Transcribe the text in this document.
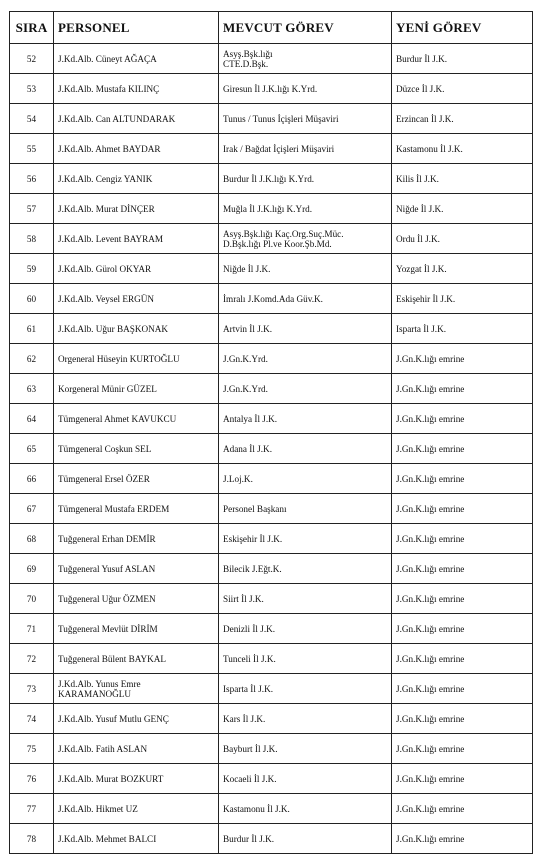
SIRA	PERSONEL	MEVCUT GÖREV	YENİ GÖREV
52	J.Kd.Alb. Cüneyt AĞAÇA	Asyş.Bşk.lığı
CTE.D.Bşk.	Burdur İl J.K.
53	J.Kd.Alb. Mustafa KILINÇ	Giresun İl J.K.lığı K.Yrd.	Düzce İl J.K.
54	J.Kd.Alb. Can ALTUNDARAK	Tunus / Tunus İçişleri Müşaviri	Erzincan İl J.K.
55	J.Kd.Alb. Ahmet BAYDAR	Irak / Bağdat İçişleri Müşaviri	Kastamonu İl J.K.
56	J.Kd.Alb. Cengiz YANIK	Burdur İl J.K.lığı K.Yrd.	Kilis İl J.K.
57	J.Kd.Alb. Murat DİNÇER	Muğla İl J.K.lığı K.Yrd.	Niğde İl J.K.
58	J.Kd.Alb. Levent BAYRAM	Asyş.Bşk.lığı Kaç.Org.Suç.Müc.
D.Bşk.lığı Pl.ve Koor.Şb.Md.	Ordu İl J.K.
59	J.Kd.Alb. Gürol OKYAR	Niğde İl J.K.	Yozgat İl J.K.
60	J.Kd.Alb. Veysel ERGÜN	İmralı J.Komd.Ada Güv.K.	Eskişehir İl J.K.
61	J.Kd.Alb. Uğur BAŞKONAK	Artvin İl J.K.	Isparta İl J.K.
62	Orgeneral Hüseyin KURTOĞLU	J.Gn.K.Yrd.	J.Gn.K.lığı emrine
63	Korgeneral Münir GÜZEL	J.Gn.K.Yrd.	J.Gn.K.lığı emrine
64	Tümgeneral Ahmet KAVUKCU	Antalya İl J.K.	J.Gn.K.lığı emrine
65	Tümgeneral Coşkun SEL	Adana İl J.K.	J.Gn.K.lığı emrine
66	Tümgeneral Ersel ÖZER	J.Loj.K.	J.Gn.K.lığı emrine
67	Tümgeneral Mustafa ERDEM	Personel Başkanı	J.Gn.K.lığı emrine
68	Tuğgeneral Erhan DEMİR	Eskişehir İl J.K.	J.Gn.K.lığı emrine
69	Tuğgeneral Yusuf ASLAN	Bilecik J.Eğt.K.	J.Gn.K.lığı emrine
70	Tuğgeneral Uğur ÖZMEN	Siirt İl J.K.	J.Gn.K.lığı emrine
71	Tuğgeneral Mevlüt DİRİM	Denizli İl J.K.	J.Gn.K.lığı emrine
72	Tuğgeneral Bülent BAYKAL	Tunceli İl J.K.	J.Gn.K.lığı emrine
73	J.Kd.Alb. Yunus Emre
KARAMANOĞLU	Isparta İl J.K.	J.Gn.K.lığı emrine
74	J.Kd.Alb. Yusuf Mutlu GENÇ	Kars İl J.K.	J.Gn.K.lığı emrine
75	J.Kd.Alb. Fatih ASLAN	Bayburt İl J.K.	J.Gn.K.lığı emrine
76	J.Kd.Alb. Murat BOZKURT	Kocaeli İl J.K.	J.Gn.K.lığı emrine
77	J.Kd.Alb. Hikmet UZ	Kastamonu İl J.K.	J.Gn.K.lığı emrine
78	J.Kd.Alb. Mehmet BALCI	Burdur İl J.K.	J.Gn.K.lığı emrine
